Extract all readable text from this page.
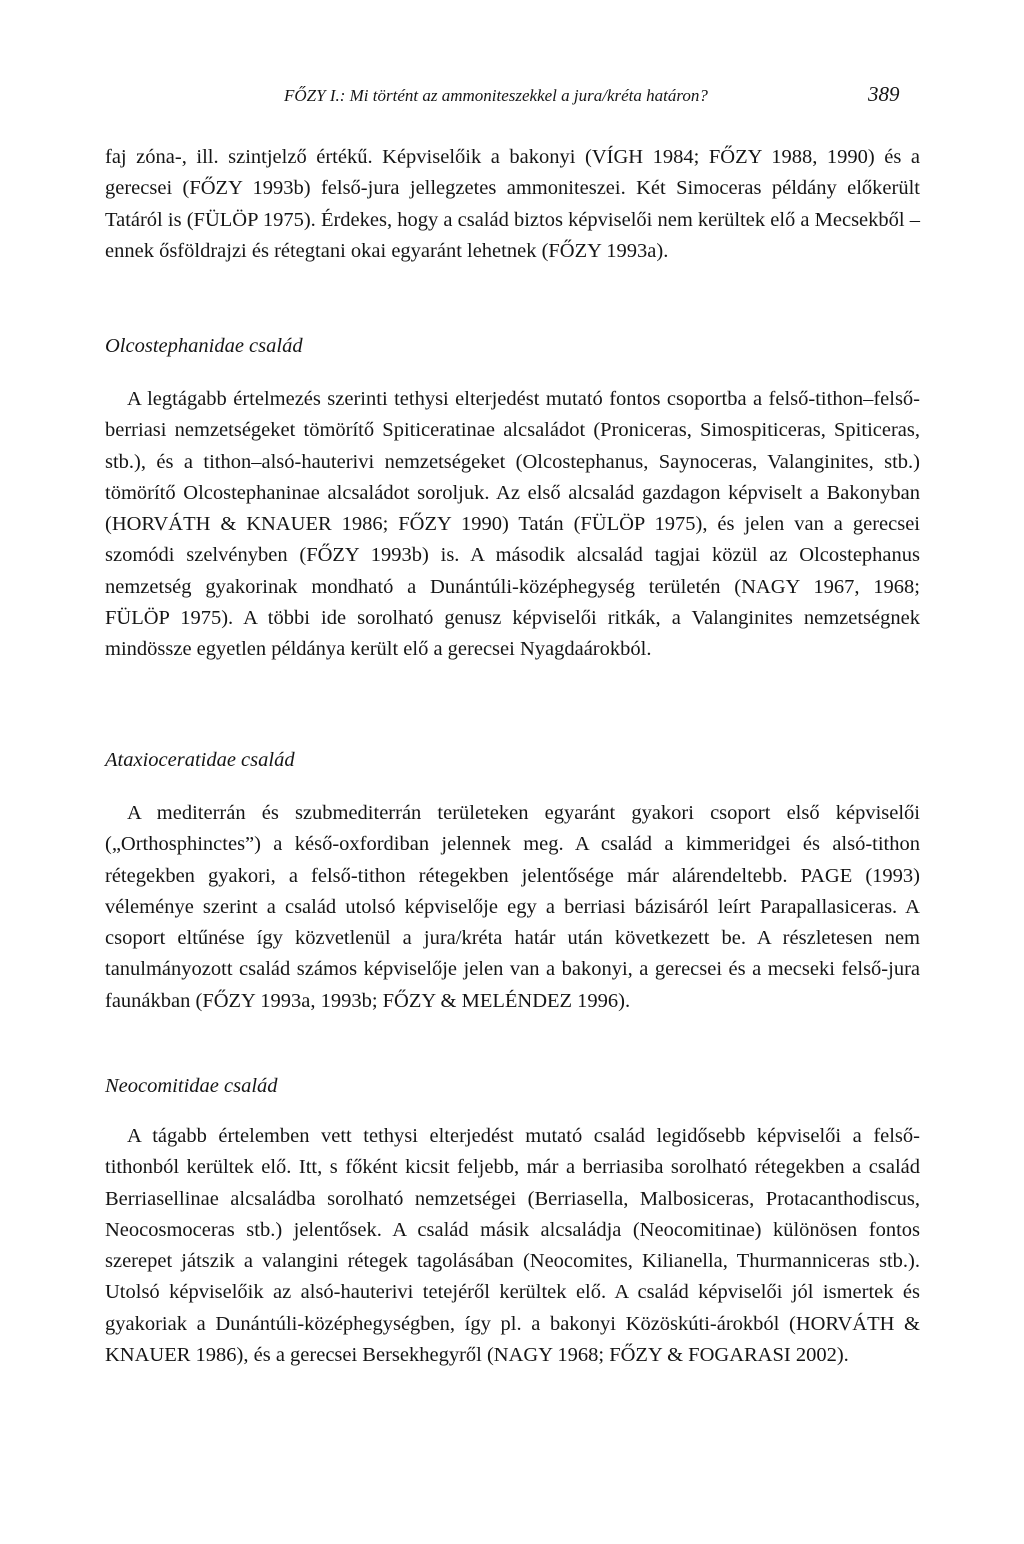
FŐZY I.: Mi történt az ammoniteszekkel a jura/kréta határon?	389

faj zóna-, ill. szintjelző értékű. Képviselőik a bakonyi (VÍGH 1984; FŐZY 1988, 1990) és a gerecsei (FŐZY 1993b) felső-jura jellegzetes ammoniteszei. Két Simoceras példány előkerült Tatáról is (FÜLÖP 1975). Érdekes, hogy a család biztos képviselői nem kerültek elő a Mecsekből – ennek ősföldrajzi és rétegtani okai egyaránt lehetnek (FŐZY 1993a).

Olcostephanidae család

A legtágabb értelmezés szerinti tethysi elterjedést mutató fontos csoportba a felső-tithon–felső-berriasi nemzetségeket tömörítő Spiticeratinae alcsaládot (Proniceras, Simospiticeras, Spiticeras, stb.), és a tithon–alsó-hauterivi nemzetségeket (Olcostephanus, Saynoceras, Valanginites, stb.) tömörítő Olcostephaninae alcsaládot soroljuk. Az első alcsalád gazdagon képviselt a Bakonyban (HORVÁTH & KNAUER 1986; FŐZY 1990) Tatán (FÜLÖP 1975), és jelen van a gerecsei szomódi szelvényben (FŐZY 1993b) is. A második alcsalád tagjai közül az Olcostephanus nemzetség gyakorinak mondható a Dunántúli-középhegység területén (NAGY 1967, 1968; FÜLÖP 1975). A többi ide sorolható genusz képviselői ritkák, a Valanginites nemzetségnek mindössze egyetlen példánya került elő a gerecsei Nyagdaárokból.

Ataxioceratidae család

A mediterrán és szubmediterrán területeken egyaránt gyakori csoport első képviselői („Orthosphinctes”) a késő-oxfordiban jelennek meg. A család a kimmeridgei és alsó-tithon rétegekben gyakori, a felső-tithon rétegekben jelentősége már alárendeltebb. PAGE (1993) véleménye szerint a család utolsó képviselője egy a berriasi bázisáról leírt Parapallasiceras. A csoport eltűnése így közvetlenül a jura/kréta határ után következett be. A részletesen nem tanulmányozott család számos képviselője jelen van a bakonyi, a gerecsei és a mecseki felső-jura faunákban (FŐZY 1993a, 1993b; FŐZY & MELÉNDEZ 1996).

Neocomitidae család

A tágabb értelemben vett tethysi elterjedést mutató család legidősebb képviselői a felső-tithonból kerültek elő. Itt, s főként kicsit feljebb, már a berriasiba sorolható rétegekben a család Berriasellinae alcsaládba sorolható nemzetségei (Berriasella, Malbosiceras, Protacanthodiscus, Neocosmoceras stb.) jelentősek. A család másik alcsaládja (Neocomitinae) különösen fontos szerepet játszik a valangini rétegek tagolásában (Neocomites, Kilianella, Thurmanniceras stb.). Utolsó képviselőik az alsó-hauterivi tetejéről kerültek elő. A család képviselői jól ismertek és gyakoriak a Dunántúli-középhegységben, így pl. a bakonyi Közöskúti-árokból (HORVÁTH & KNAUER 1986), és a gerecsei Bersekhegyről (NAGY 1968; FŐZY & FOGARASI 2002).
